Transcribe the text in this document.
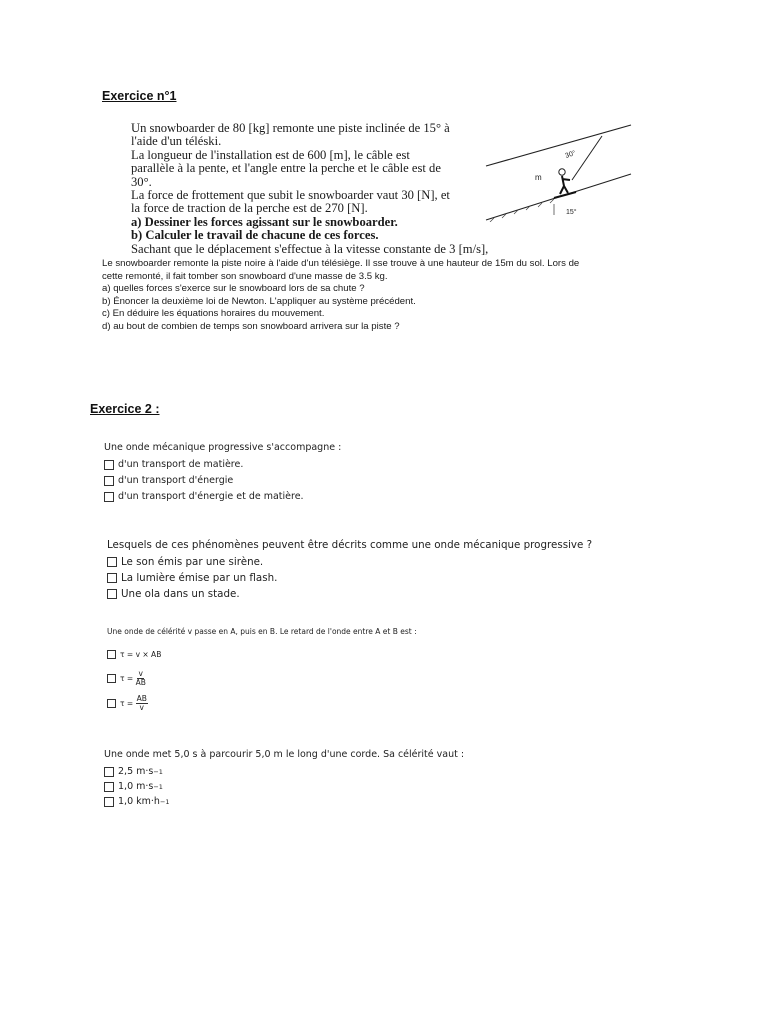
Exercice n°1
Un snowboarder de 80 [kg] remonte une piste inclinée de 15° à
l'aide d'un téléski.
La longueur de l'installation est de 600 [m], le câble est
parallèle à la pente, et l'angle entre la perche et le câble est de
30°.
La force de frottement que subit le snowboarder vaut 30 [N], et
la force de traction de la perche est de 270 [N].
a) Dessiner les forces agissant sur le snowboarder.
b) Calculer le travail de chacune de ces forces.
Sachant que le déplacement s'effectue à la vitesse constante de 3 [m/s],
m
30°
15°
Le snowboarder remonte la piste noire à l'aide d'un télésiège. Il sse trouve à une hauteur de 15m du sol. Lors de
cette remonté, il fait tomber son snowboard d'une masse de 3.5 kg.
a) quelles forces s'exerce sur le snowboard lors de sa chute ?
b) Énoncer la deuxième loi de Newton. L'appliquer au système précédent.
c) En déduire les équations horaires du mouvement.
d) au bout de combien de temps son snowboard arrivera sur la piste ?
Exercice 2 :
Une onde mécanique progressive s'accompagne :
d'un transport de matière.
d'un transport d'énergie
d'un transport d'énergie et de matière.
Lesquels de ces phénomènes peuvent être décrits comme une onde mécanique progressive ?
Le son émis par une sirène.
La lumière émise par un flash.
Une ola dans un stade.
Une onde de célérité v passe en A, puis en B. Le retard de l'onde entre A et B est :
τ = v × AB
τ =
$\frac{v}{AB}$
τ =
$\frac{AB}{v}$
Une onde met 5,0 s à parcourir 5,0 m le long d'une corde. Sa célérité vaut :
2,5 m·s −1
1,0 m·s −1
1,0 km·h −1
